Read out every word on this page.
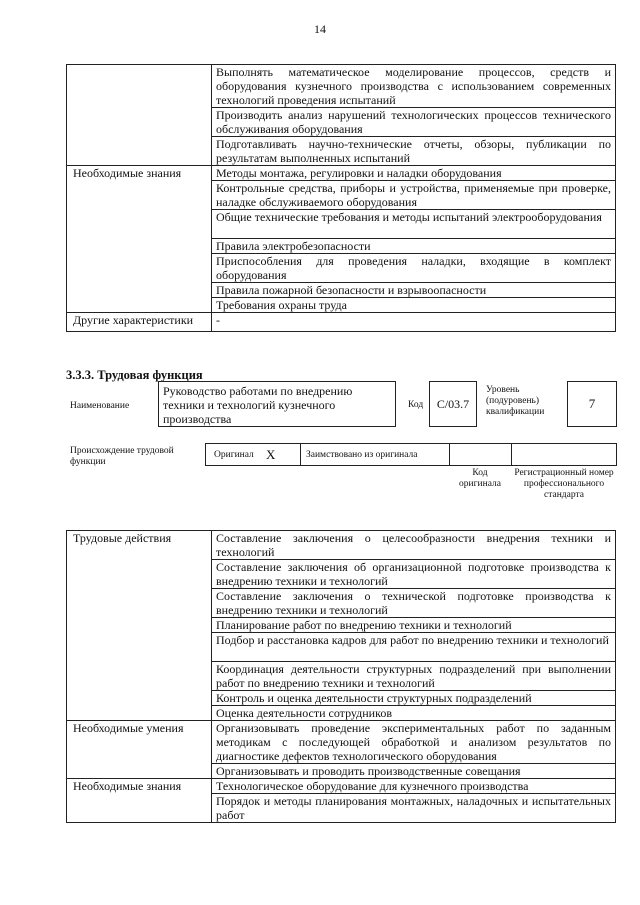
14
	Выполнять математическое моделирование процессов, средств и оборудования кузнечного производства с использованием современных технологий проведения испытаний
	Производить анализ нарушений технологических процессов технического обслуживания оборудования
	Подготавливать научно-технические отчеты, обзоры, публикации по результатам выполненных испытаний
Необходимые знания	Методы монтажа, регулировки и наладки оборудования
	Контрольные средства, приборы и устройства, применяемые при проверке, наладке обслуживаемого оборудования
	Общие технические требования и методы испытаний электрооборудования
	Правила электробезопасности
	Приспособления для проведения наладки, входящие в комплект оборудования
	Правила пожарной безопасности и взрывоопасности
	Требования охраны труда
Другие характеристики	-
3.3.3. Трудовая функция
Наименование
Руководство работами по внедрению техники и технологий кузнечного производства
Код	C/03.7
Уровень (подуровень) квалификации
7
Происхождение трудовой функции
Оригинал X	Заимствовано из оригинала
Код оригинала
Регистрационный номер профессионального стандарта
Трудовые действия	Составление заключения о целесообразности внедрения техники и технологий
	Составление заключения об организационной подготовке производства к внедрению техники и технологий
	Составление заключения о технической подготовке производства к внедрению техники и технологий
	Планирование работ по внедрению техники и технологий
	Подбор и расстановка кадров для работ по внедрению техники и технологий
	Координация деятельности структурных подразделений при выполнении работ по внедрению техники и технологий
	Контроль и оценка деятельности структурных подразделений
	Оценка деятельности сотрудников
Необходимые умения	Организовывать проведение экспериментальных работ по заданным методикам с последующей обработкой и анализом результатов по диагностике дефектов технологического оборудования
	Организовывать и проводить производственные совещания
Необходимые знания	Технологическое оборудование для кузнечного производства
	Порядок и методы планирования монтажных, наладочных и испытательных работ
